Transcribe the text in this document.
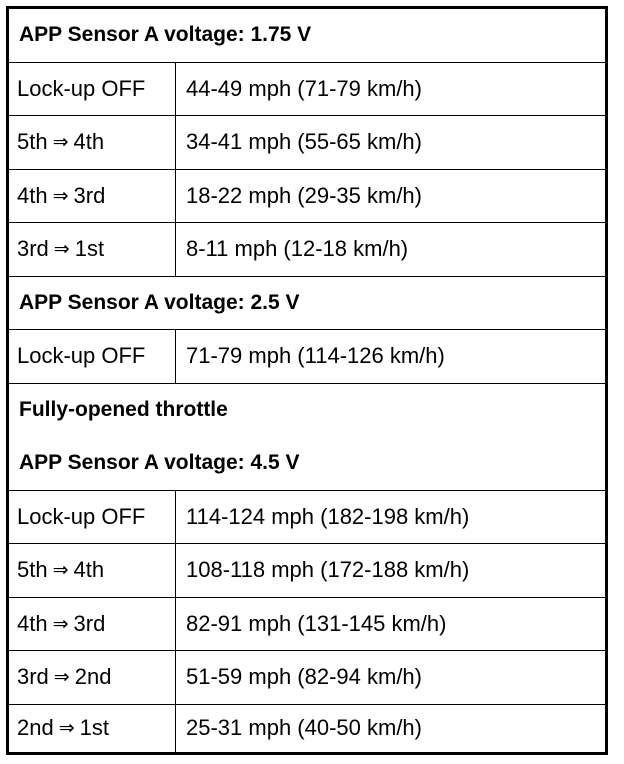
APP Sensor A voltage: 1.75 V
Lock-up OFF 44-49 mph (71-79 km/h)
5th ⇒ 4th	34-41 mph (55-65 km/h)
4th ⇒ 3rd	18-22 mph (29-35 km/h)
3rd ⇒ 1st	8-11 mph (12-18 km/h)
APP Sensor A voltage: 2.5 V
Lock-up OFF 71-79 mph (114-126 km/h)
Fully-opened throttle
APP Sensor A voltage: 4.5 V
Lock-up OFF 114-124 mph (182-198 km/h)
5th ⇒ 4th	108-118 mph (172-188 km/h)
4th ⇒ 3rd	82-91 mph (131-145 km/h)
3rd ⇒ 2nd	51-59 mph (82-94 km/h)
2nd ⇒ 1st	25-31 mph (40-50 km/h)
